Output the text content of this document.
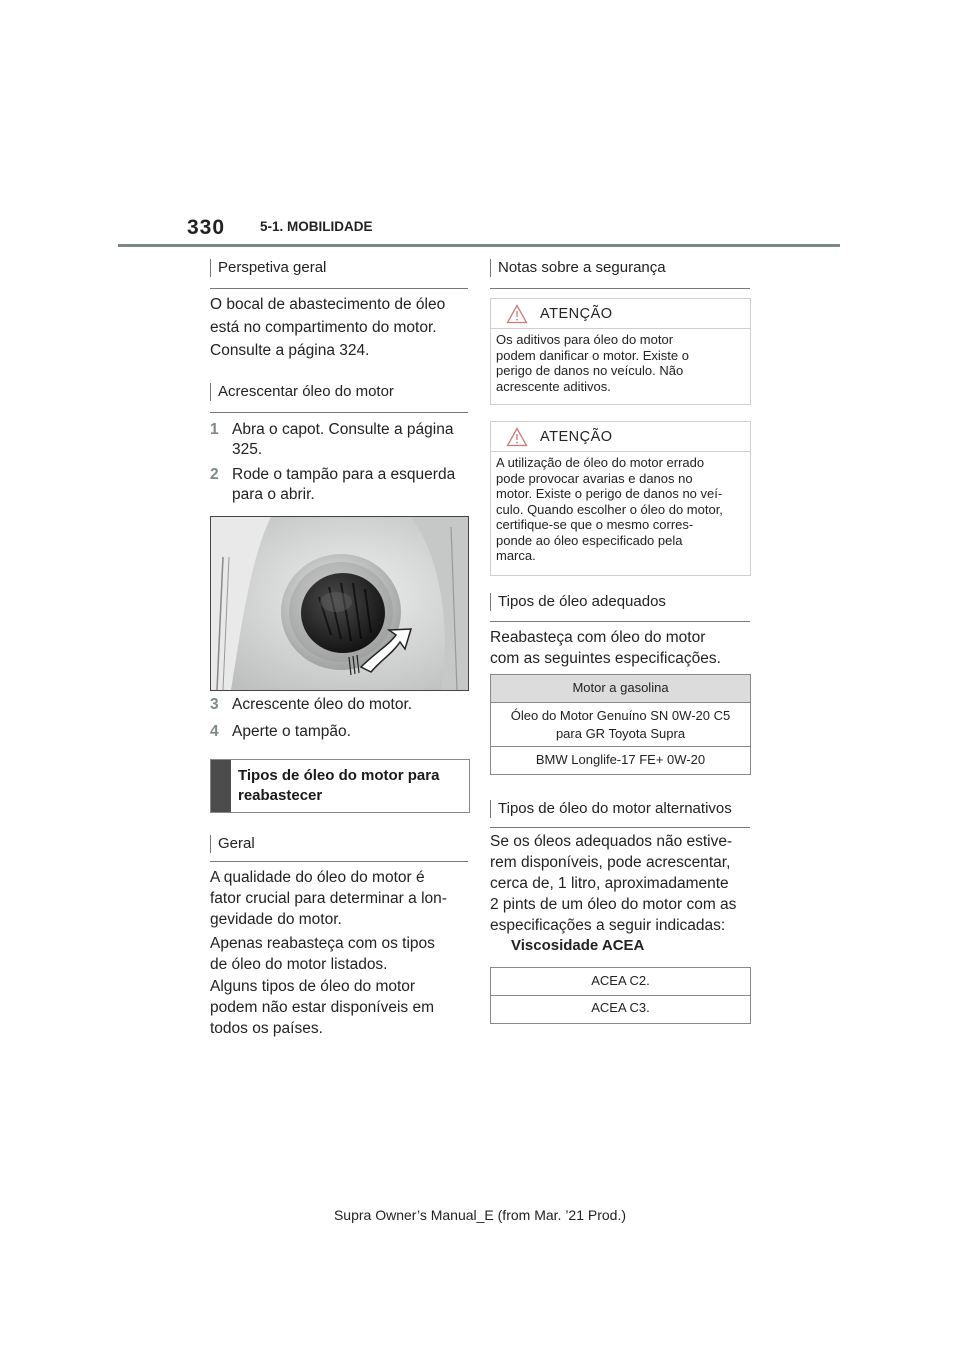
330	5-1. MOBILIDADE
Perspetiva geral
O bocal de abastecimento de óleo
está no compartimento do motor.
Consulte a página 324.
Acrescentar óleo do motor
1 Abra o capot. Consulte a página 325.
2 Rode o tampão para a esquerda para o abrir.
3 Acrescente óleo do motor.
4 Aperte o tampão.
Tipos de óleo do motor para reabastecer
Geral
A qualidade do óleo do motor é
fator crucial para determinar a lon-
gevidade do motor.
Apenas reabasteça com os tipos
de óleo do motor listados.
Alguns tipos de óleo do motor
podem não estar disponíveis em
todos os países.
Notas sobre a segurança
ATENÇÃO
Os aditivos para óleo do motor
podem danificar o motor. Existe o
perigo de danos no veículo. Não
acrescente aditivos.
ATENÇÃO
A utilização de óleo do motor errado
pode provocar avarias e danos no
motor. Existe o perigo de danos no veí-
culo. Quando escolher o óleo do motor,
certifique-se que o mesmo corres-
ponde ao óleo especificado pela
marca.
Tipos de óleo adequados
Reabasteça com óleo do motor
com as seguintes especificações.
Motor a gasolina
Óleo do Motor Genuíno SN 0W-20 C5
para GR Toyota Supra
BMW Longlife-17 FE+ 0W-20
Tipos de óleo do motor alternativos
Se os óleos adequados não estive-
rem disponíveis, pode acrescentar,
cerca de, 1 litro, aproximadamente
2 pints de um óleo do motor com as
especificações a seguir indicadas:
Viscosidade ACEA
ACEA C2.
ACEA C3.
Supra Owner’s Manual_E (from Mar. ’21 Prod.)
